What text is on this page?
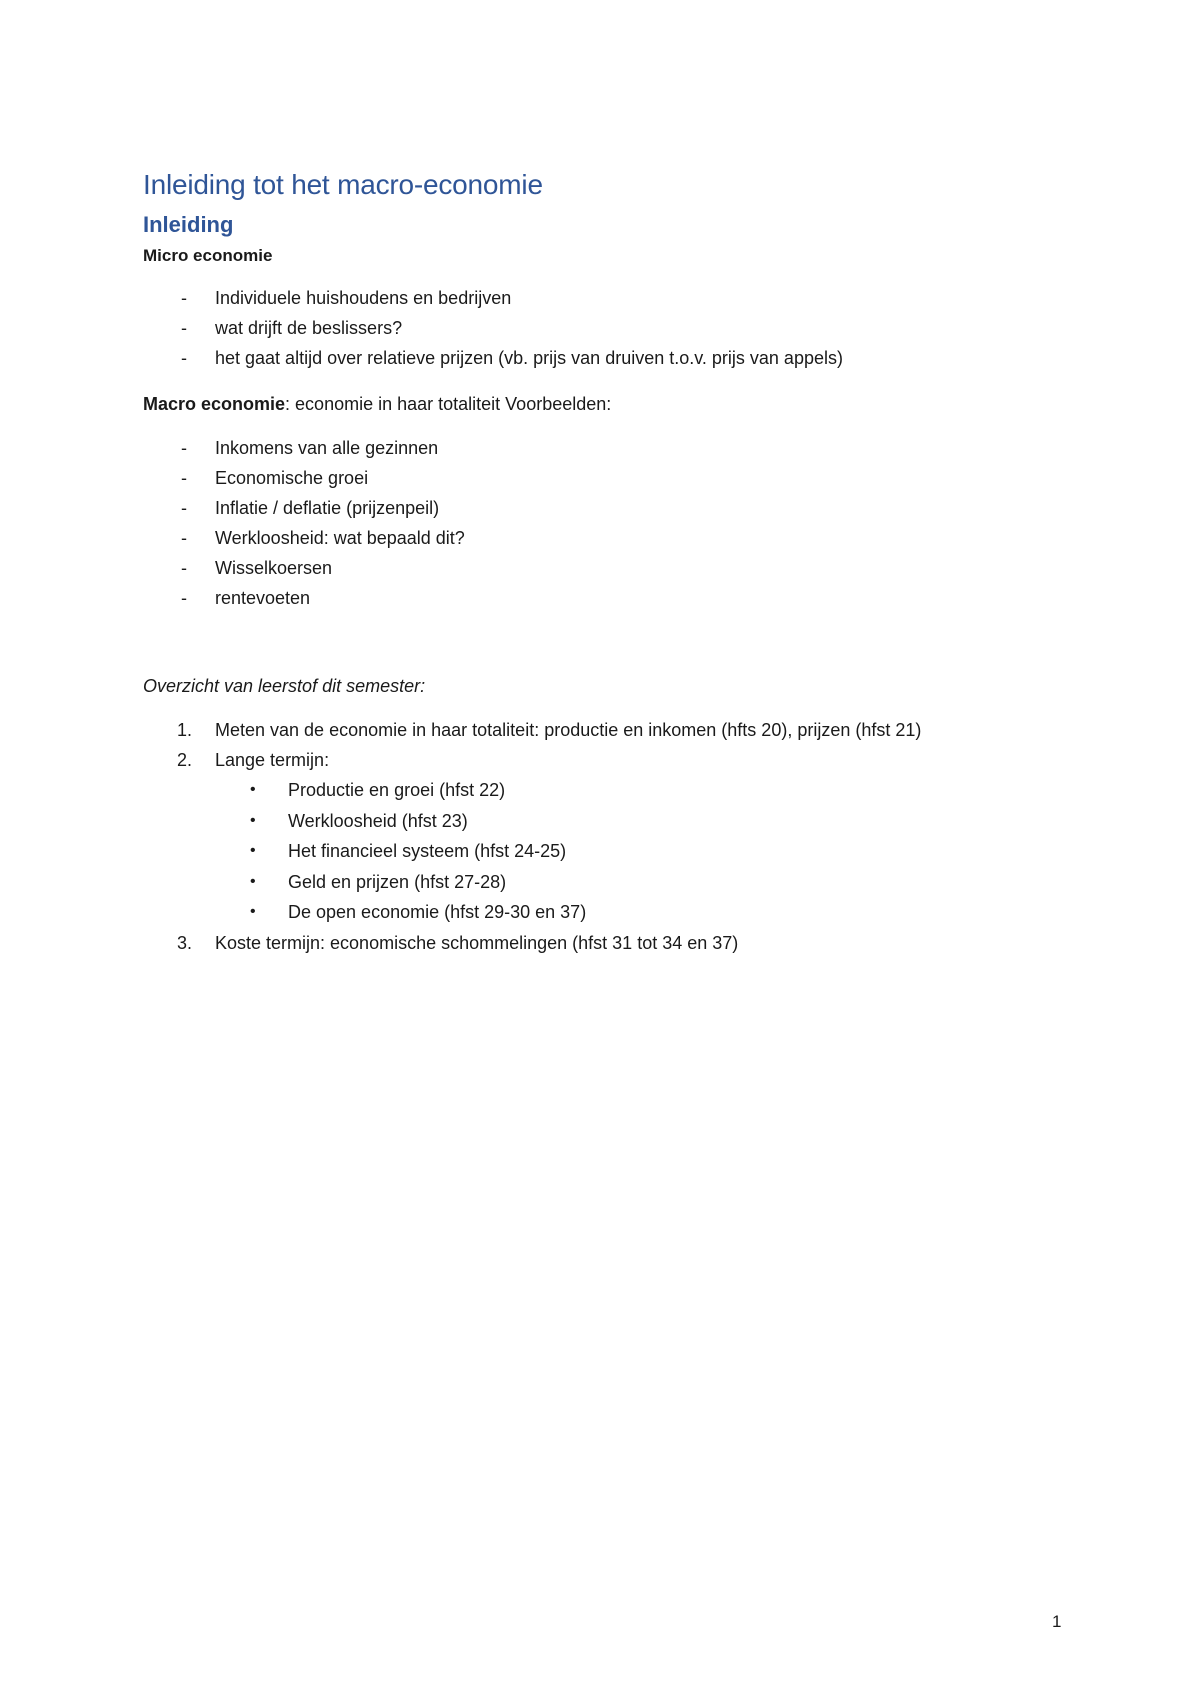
Inleiding tot het macro-economie
Inleiding
Micro economie
- Individuele huishoudens en bedrijven
- wat drijft de beslissers?
- het gaat altijd over relatieve prijzen (vb. prijs van druiven t.o.v. prijs van appels)

Macro economie: economie in haar totaliteit Voorbeelden:

- Inkomens van alle gezinnen
- Economische groei
- Inflatie / deflatie (prijzenpeil)
- Werkloosheid: wat bepaald dit?
- Wisselkoersen
- rentevoeten
Overzicht van leerstof dit semester:
1. Meten van de economie in haar totaliteit: productie en inkomen (hfts 20), prijzen (hfst 21)
2. Lange termijn:
• Productie en groei (hfst 22)
• Werkloosheid (hfst 23)
• Het financieel systeem (hfst 24-25)
• Geld en prijzen (hfst 27-28)
• De open economie (hfst 29-30 en 37)
3. Koste termijn: economische schommelingen (hfst 31 tot 34 en 37)
1
